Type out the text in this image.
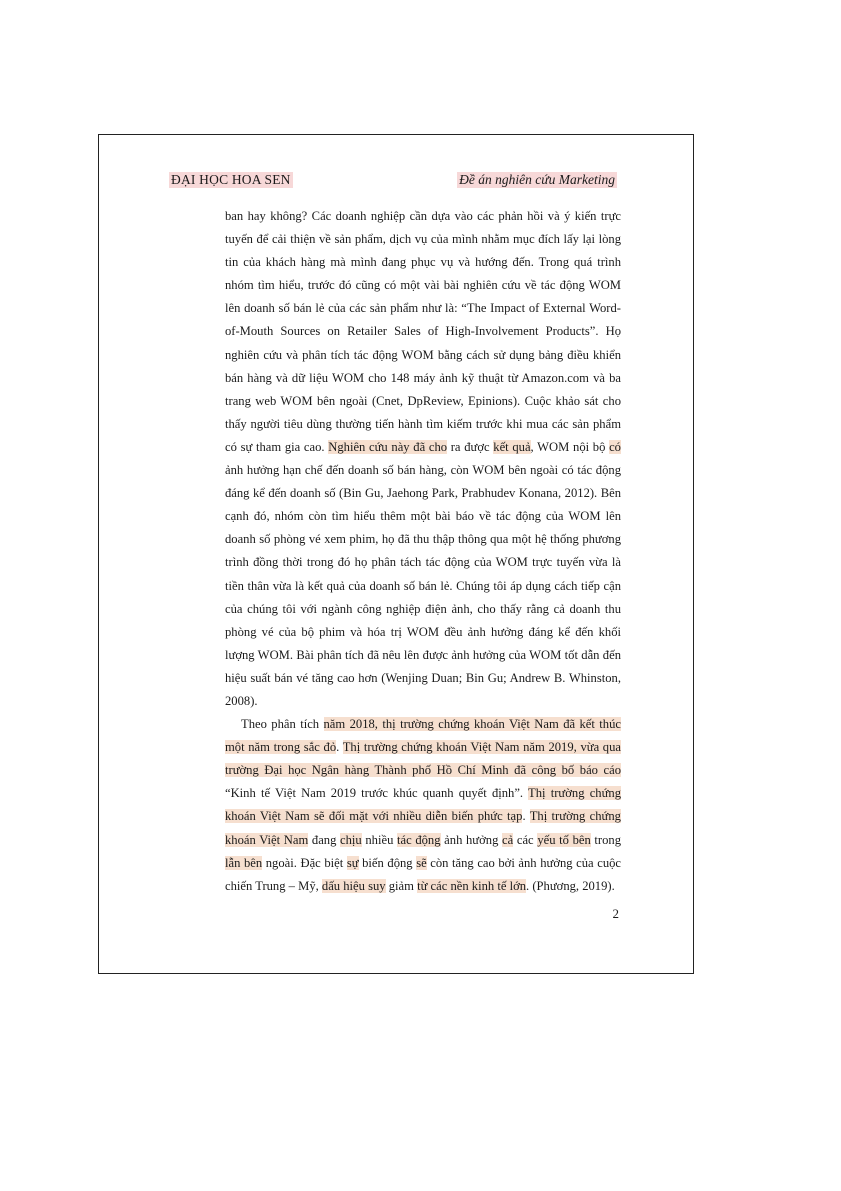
ĐẠI HỌC HOA SEN	Đề án nghiên cứu Marketing

ban hay không? Các doanh nghiệp cần dựa vào các phản hồi và ý kiến trực tuyến để cải thiện về sản phẩm, dịch vụ của mình nhằm mục đích lấy lại lòng tin của khách hàng mà mình đang phục vụ và hướng đến. Trong quá trình nhóm tìm hiểu, trước đó cũng có một vài bài nghiên cứu về tác động WOM lên doanh số bán lẻ của các sản phẩm như là: “The Impact of External Word-of-Mouth Sources on Retailer Sales of High-Involvement Products”. Họ nghiên cứu và phân tích tác động WOM bằng cách sử dụng bảng điều khiển bán hàng và dữ liệu WOM cho 148 máy ảnh kỹ thuật từ Amazon.com và ba trang web WOM bên ngoài (Cnet, DpReview, Epinions). Cuộc khảo sát cho thấy người tiêu dùng thường tiến hành tìm kiếm trước khi mua các sản phẩm có sự tham gia cao. Nghiên cứu này đã cho ra được kết quả, WOM nội bộ có ảnh hưởng hạn chế đến doanh số bán hàng, còn WOM bên ngoài có tác động đáng kể đến doanh số (Bin Gu, Jaehong Park, Prabhudev Konana, 2012). Bên cạnh đó, nhóm còn tìm hiểu thêm một bài báo về tác động của WOM lên doanh số phòng vé xem phim, họ đã thu thập thông qua một hệ thống phương trình đồng thời trong đó họ phân tách tác động của WOM trực tuyến vừa là tiền thân vừa là kết quả của doanh số bán lẻ. Chúng tôi áp dụng cách tiếp cận của chúng tôi với ngành công nghiệp điện ảnh, cho thấy rằng cả doanh thu phòng vé của bộ phim và hóa trị WOM đều ảnh hưởng đáng kể đến khối lượng WOM. Bài phân tích đã nêu lên được ảnh hưởng của WOM tốt dẫn đến hiệu suất bán vé tăng cao hơn (Wenjing Duan; Bin Gu; Andrew B. Whinston, 2008).

Theo phân tích năm 2018, thị trường chứng khoán Việt Nam đã kết thúc một năm trong sắc đỏ. Thị trường chứng khoán Việt Nam năm 2019, vừa qua trường Đại học Ngân hàng Thành phố Hồ Chí Minh đã công bố báo cáo “Kinh tế Việt Nam 2019 trước khúc quanh quyết định”. Thị trường chứng khoán Việt Nam sẽ đối mặt với nhiều diễn biến phức tạp. Thị trường chứng khoán Việt Nam đang chịu nhiều tác động ảnh hưởng cả các yếu tố bên trong lẫn bên ngoài. Đặc biệt sự biến động sẽ còn tăng cao bởi ảnh hưởng của cuộc chiến Trung – Mỹ, dấu hiệu suy giảm từ các nền kinh tế lớn. (Phương, 2019).

2
